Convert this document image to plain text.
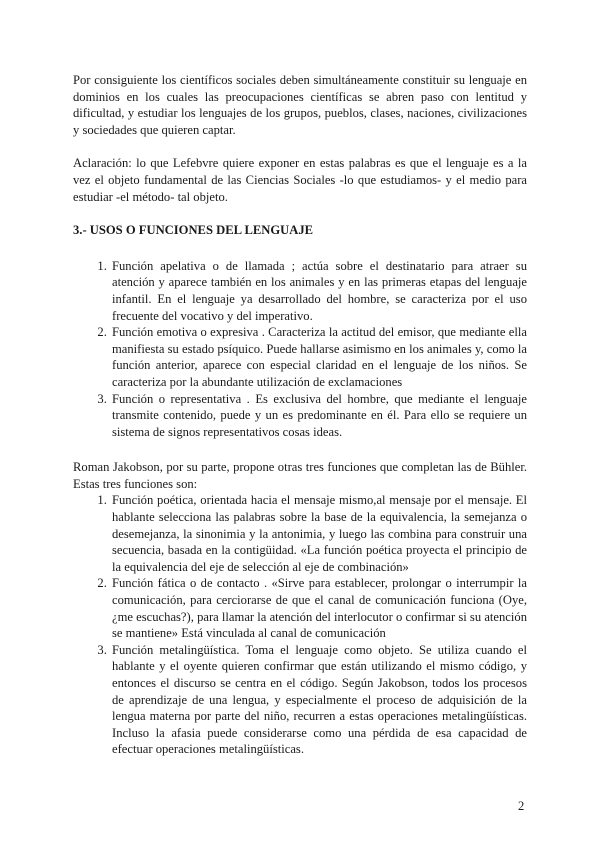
Por consiguiente los científicos sociales deben simultáneamente constituir su lenguaje en dominios en los cuales las preocupaciones científicas se abren paso con lentitud y dificultad, y estudiar los lenguajes de los grupos, pueblos, clases, naciones, civilizaciones y sociedades que quieren captar.

Aclaración: lo que Lefebvre quiere exponer en estas palabras es que el lenguaje es a la vez el objeto fundamental de las Ciencias Sociales -lo que estudiamos- y el medio para estudiar -el método- tal objeto.

3.- USOS O FUNCIONES DEL LENGUAJE

1. Función apelativa o de llamada ; actúa sobre el destinatario para atraer su atención y aparece también en los animales y en las primeras etapas del lenguaje infantil. En el lenguaje ya desarrollado del hombre, se caracteriza por el uso frecuente del vocativo y del imperativo.
2. Función emotiva o expresiva . Caracteriza la actitud del emisor, que mediante ella manifiesta su estado psíquico. Puede hallarse asimismo en los animales y, como la función anterior, aparece con especial claridad en el lenguaje de los niños. Se caracteriza por la abundante utilización de exclamaciones
3. Función o representativa . Es exclusiva del hombre, que mediante el lenguaje transmite contenido, puede y un es predominante en él. Para ello se requiere un sistema de signos representativos cosas ideas.

Roman Jakobson, por su parte, propone otras tres funciones que completan las de Bühler. Estas tres funciones son:

1. Función poética, orientada hacia el mensaje mismo,al mensaje por el mensaje. El hablante selecciona las palabras sobre la base de la equivalencia, la semejanza o desemejanza, la sinonimia y la antonimia, y luego las combina para construir una secuencia, basada en la contigüidad. «La función poética proyecta el principio de la equivalencia del eje de selección al eje de combinación»
2. Función fática o de contacto . «Sirve para establecer, prolongar o interrumpir la comunicación, para cerciorarse de que el canal de comunicación funciona (Oye, ¿me escuchas?), para llamar la atención del interlocutor o confirmar si su atención se mantiene» Está vinculada al canal de comunicación
3. Función metalingüística. Toma el lenguaje como objeto. Se utiliza cuando el hablante y el oyente quieren confirmar que están utilizando el mismo código, y entonces el discurso se centra en el código. Según Jakobson, todos los procesos de aprendizaje de una lengua, y especialmente el proceso de adquisición de la lengua materna por parte del niño, recurren a estas operaciones metalingüísticas. Incluso la afasia puede considerarse como una pérdida de esa capacidad de efectuar operaciones metalingüísticas.
2
